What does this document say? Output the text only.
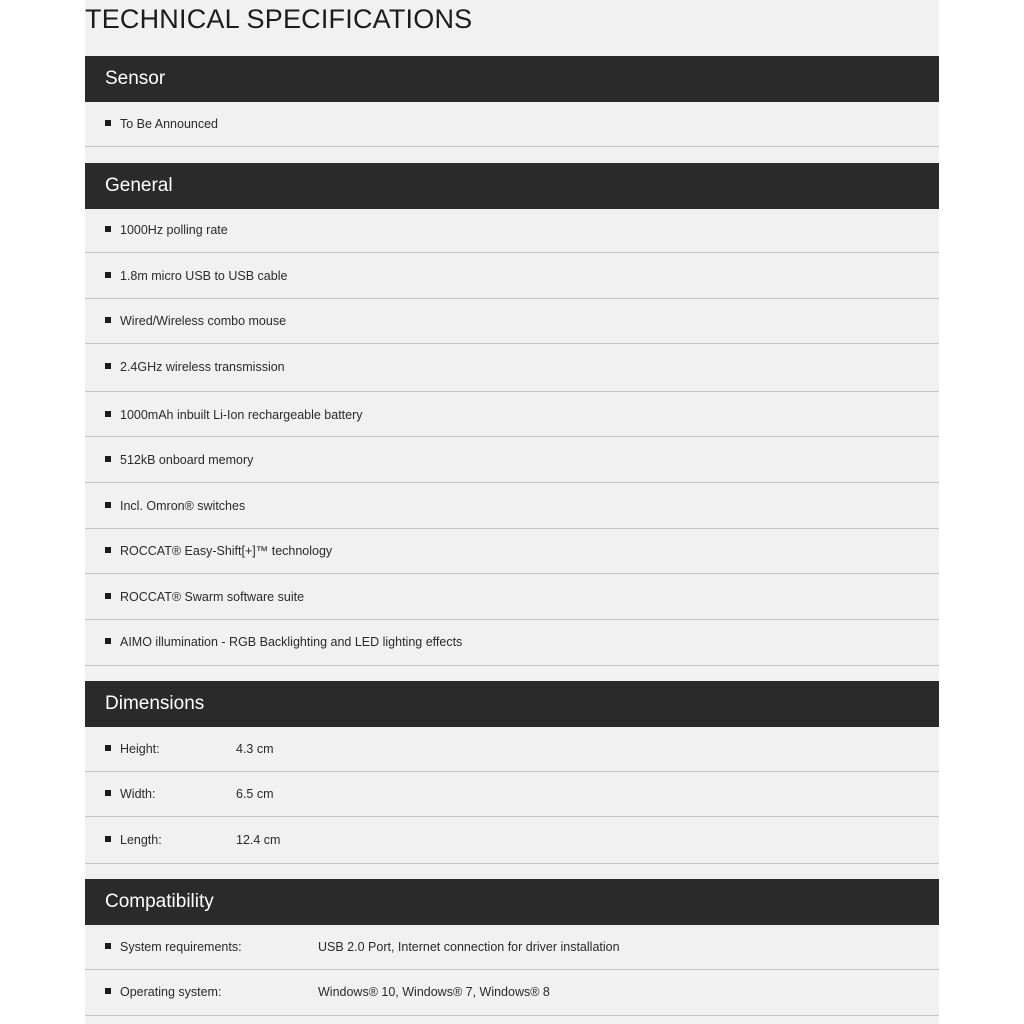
TECHNICAL SPECIFICATIONS
Sensor
To Be Announced
General
1000Hz polling rate
1.8m micro USB to USB cable
Wired/Wireless combo mouse
2.4GHz wireless transmission
1000mAh inbuilt Li-Ion rechargeable battery
512kB onboard memory
Incl. Omron® switches
ROCCAT® Easy-Shift[+]™ technology
ROCCAT® Swarm software suite
AIMO illumination - RGB Backlighting and LED lighting effects
Dimensions
Height:	4.3 cm
Width:	6.5 cm
Length:	12.4 cm
Compatibility
System requirements:	USB 2.0 Port, Internet connection for driver installation
Operating system:	Windows® 10, Windows® 7, Windows® 8
